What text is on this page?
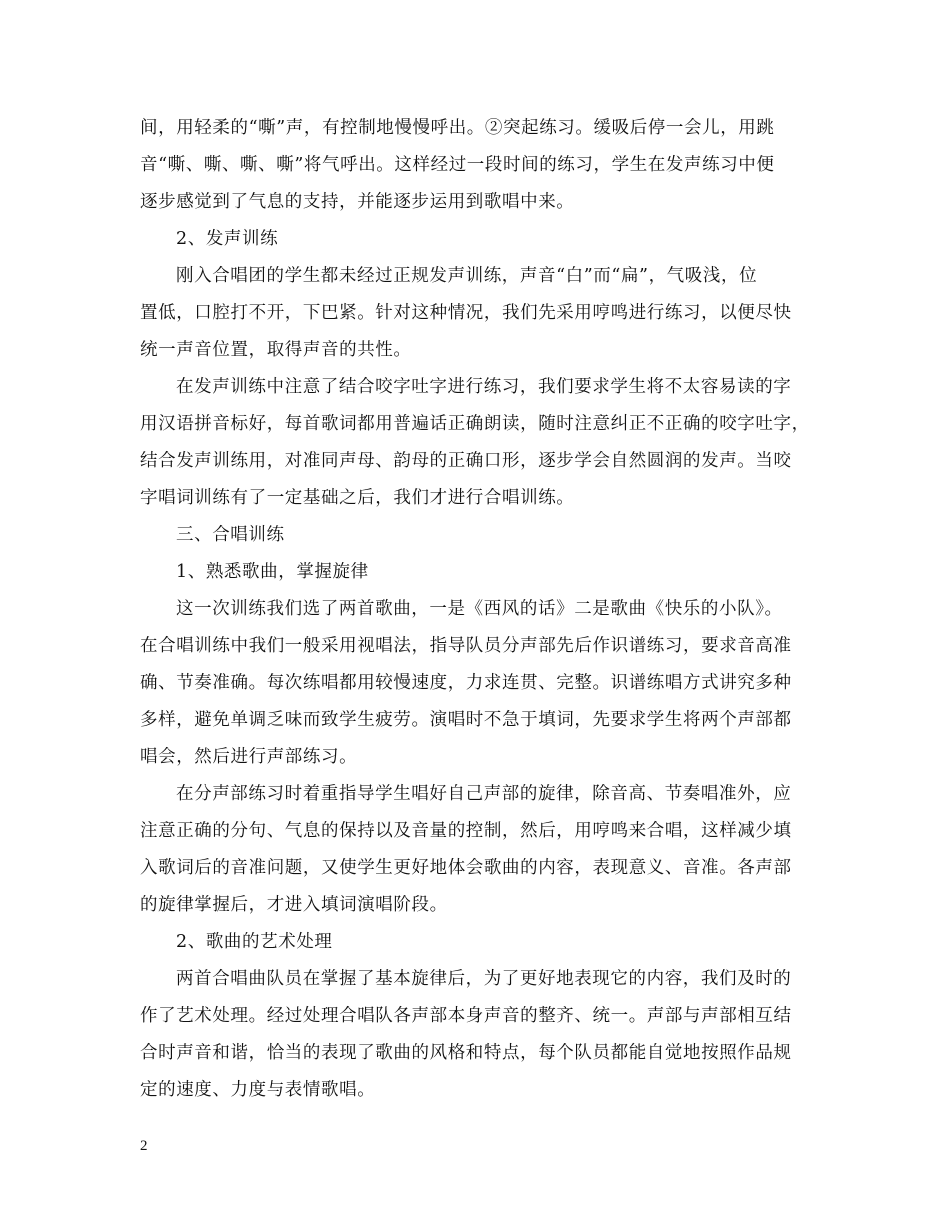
间，用轻柔的“嘶”声，有控制地慢慢呼出。②突起练习。缓吸后停一会儿，用跳
音“嘶、嘶、嘶、嘶”将气呼出。这样经过一段时间的练习，学生在发声练习中便
逐步感觉到了气息的支持，并能逐步运用到歌唱中来。
2、发声训练
刚入合唱团的学生都未经过正规发声训练，声音“白”而“扁”，气吸浅，位
置低，口腔打不开，下巴紧。针对这种情况，我们先采用哼鸣进行练习，以便尽快
统一声音位置，取得声音的共性。
在发声训练中注意了结合咬字吐字进行练习，我们要求学生将不太容易读的字
用汉语拼音标好，每首歌词都用普遍话正确朗读，随时注意纠正不正确的咬字吐字，
结合发声训练用，对准同声母、韵母的正确口形，逐步学会自然圆润的发声。当咬
字唱词训练有了一定基础之后，我们才进行合唱训练。
三、合唱训练
1、熟悉歌曲，掌握旋律
这一次训练我们选了两首歌曲，一是《西风的话》二是歌曲《快乐的小队》。
在合唱训练中我们一般采用视唱法，指导队员分声部先后作识谱练习，要求音高准
确、节奏准确。每次练唱都用较慢速度，力求连贯、完整。识谱练唱方式讲究多种
多样，避免单调乏味而致学生疲劳。演唱时不急于填词，先要求学生将两个声部都
唱会，然后进行声部练习。
在分声部练习时着重指导学生唱好自己声部的旋律，除音高、节奏唱准外，应
注意正确的分句、气息的保持以及音量的控制，然后，用哼鸣来合唱，这样减少填
入歌词后的音准问题，又使学生更好地体会歌曲的内容，表现意义、音准。各声部
的旋律掌握后，才进入填词演唱阶段。
2、歌曲的艺术处理
两首合唱曲队员在掌握了基本旋律后，为了更好地表现它的内容，我们及时的
作了艺术处理。经过处理合唱队各声部本身声音的整齐、统一。声部与声部相互结
合时声音和谐，恰当的表现了歌曲的风格和特点，每个队员都能自觉地按照作品规
定的速度、力度与表情歌唱。
2
